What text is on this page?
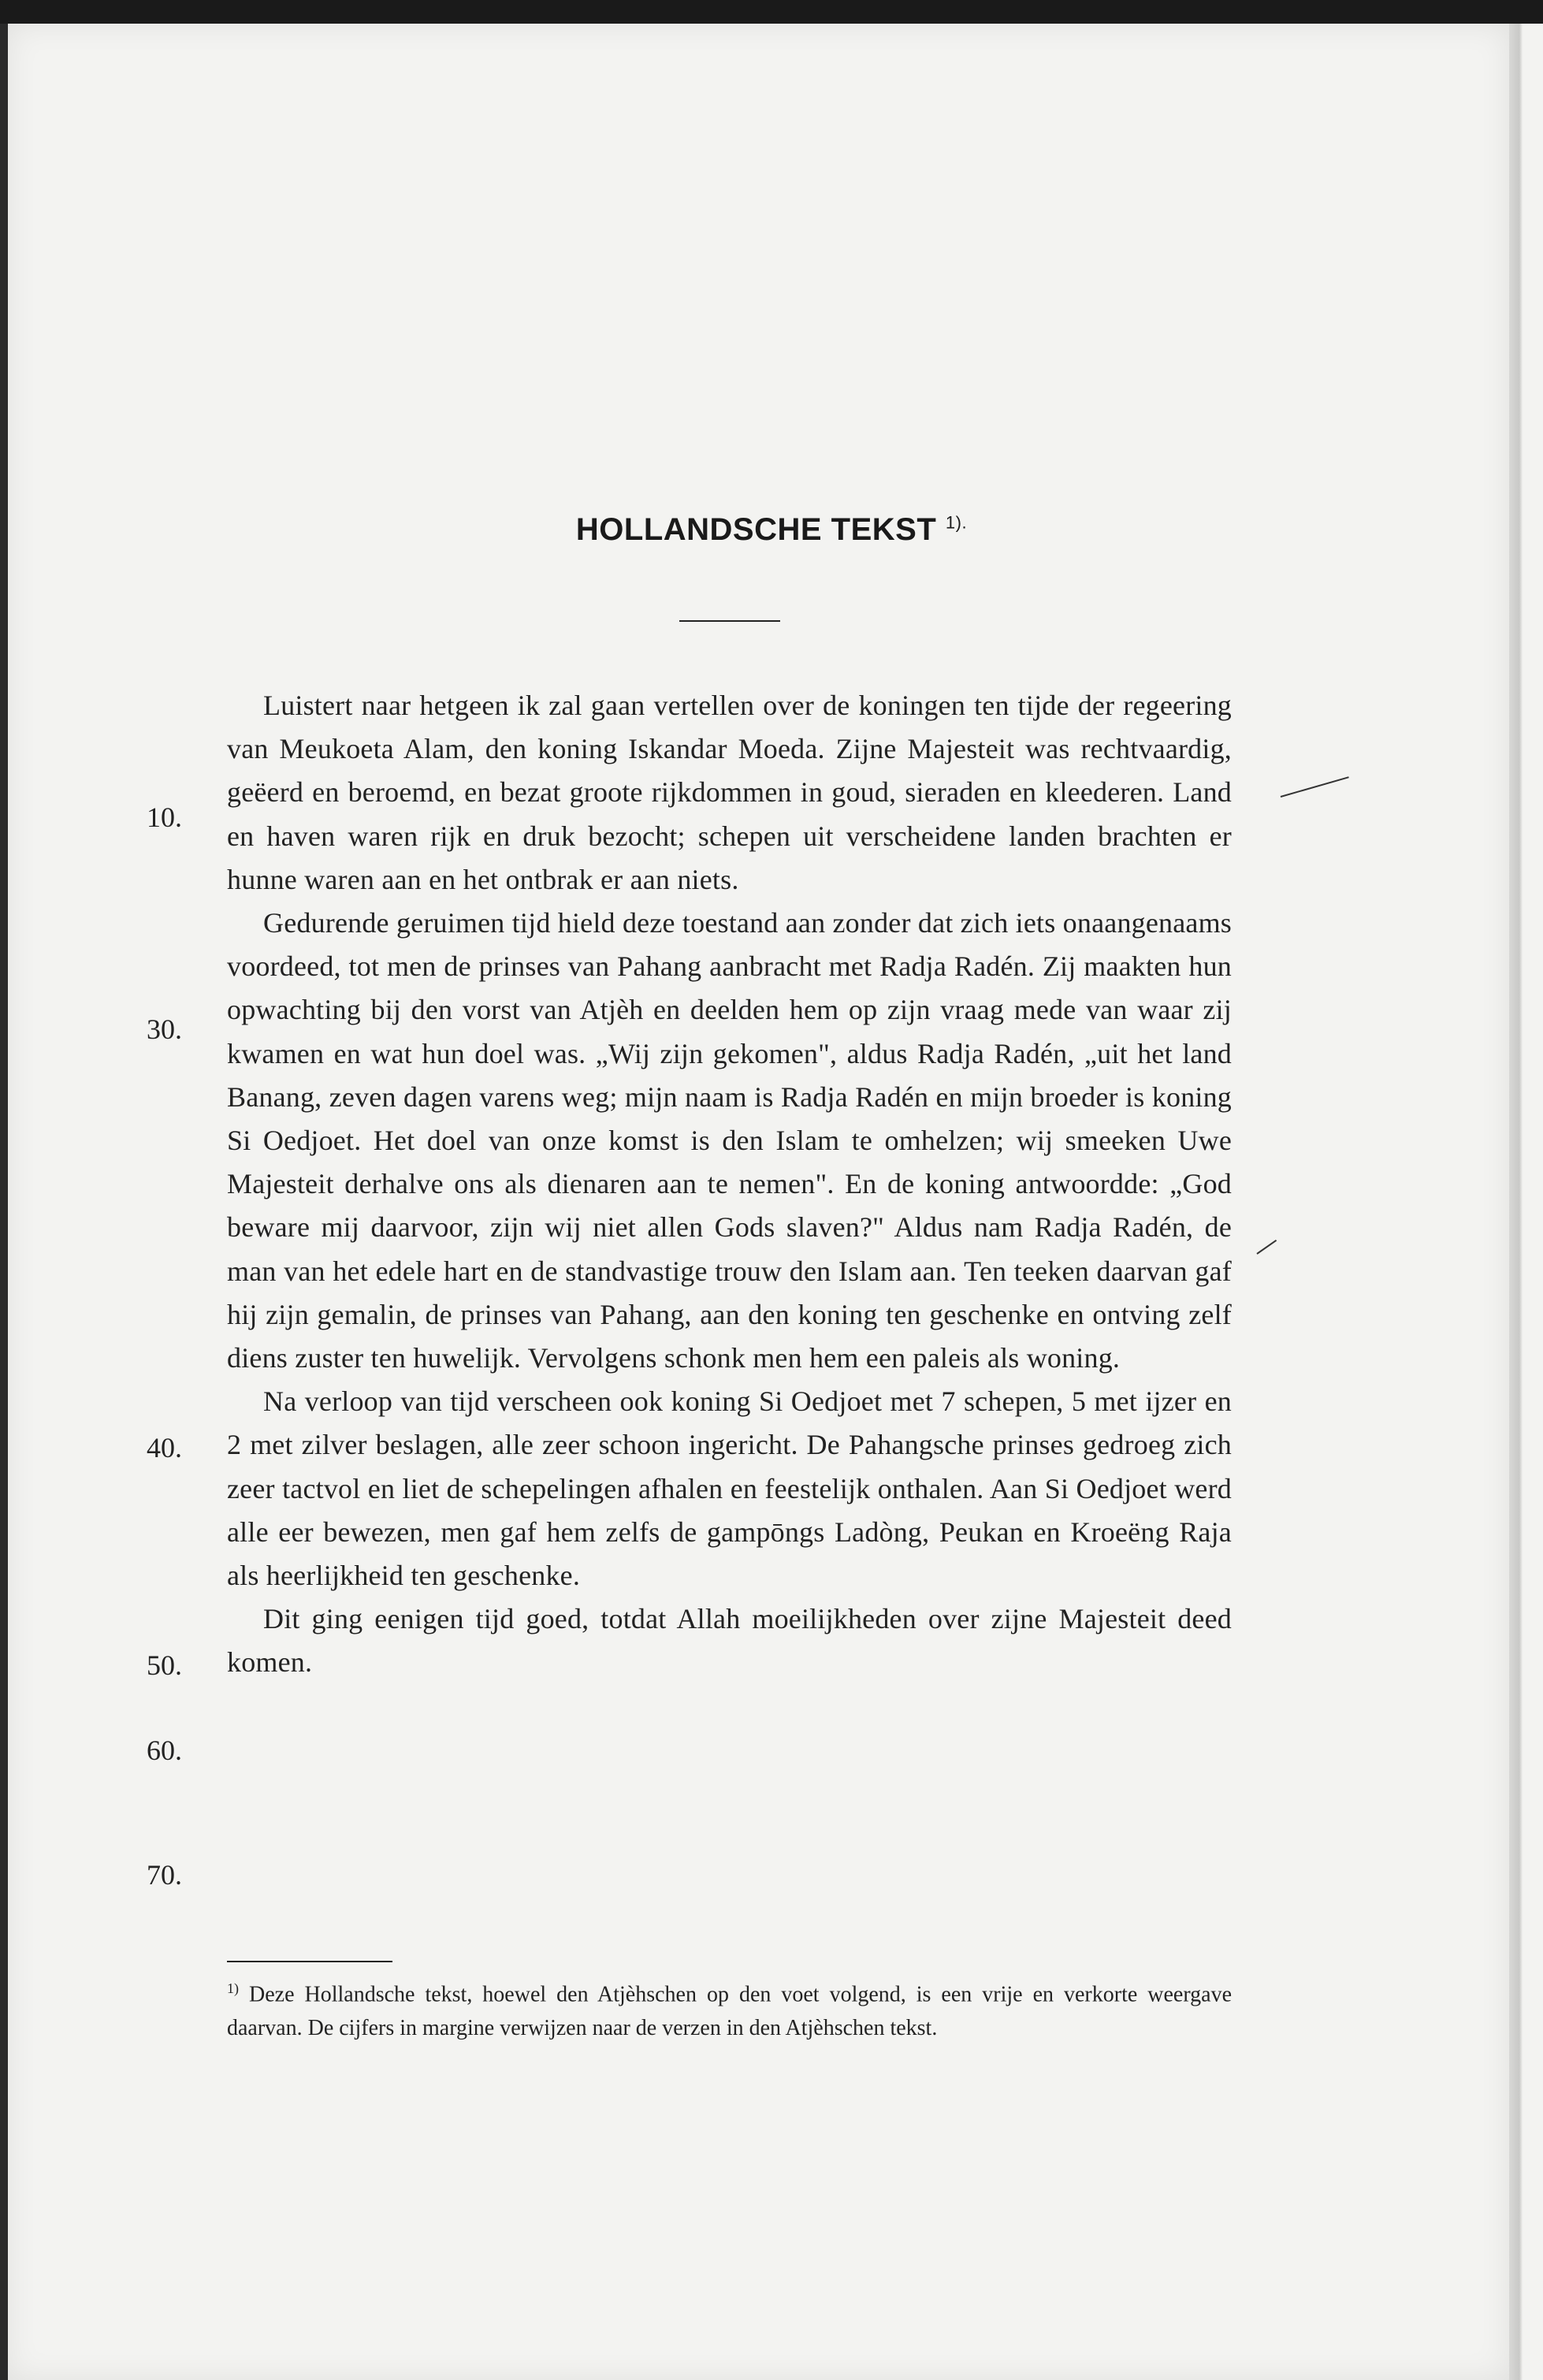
HOLLANDSCHE TEKST $^{1).}$

Luistert naar hetgeen ik zal gaan vertellen over de koningen ten tijde der regeering van Meukoeta Alam, den koning Iskandar Moeda. Zijne Majesteit was rechtvaardig, geëerd en beroemd, en bezat groote rijkdommen in goud, sieraden en kleederen. Land en haven waren rijk en druk bezocht; schepen uit verscheidene landen brachten er hunne waren aan en het ontbrak er aan niets.

Gedurende geruimen tijd hield deze toestand aan zonder dat zich iets onaangenaams voordeed, tot men de prinses van Pahang aanbracht met Radja Radén. Zij maakten hun opwachting bij den vorst van Atjèh en deelden hem op zijn vraag mede van waar zij kwamen en wat hun doel was. „Wij zijn gekomen", aldus Radja Radén, „uit het land Banang, zeven dagen varens weg; mijn naam is Radja Radén en mijn broeder is koning Si Oedjoet. Het doel van onze komst is den Islam te omhelzen; wij smeeken Uwe Majesteit derhalve ons als dienaren aan te nemen". En de koning antwoordde: „God beware mij daarvoor, zijn wij niet allen Gods slaven?" Aldus nam Radja Radén, de man van het edele hart en de standvastige trouw den Islam aan. Ten teeken daarvan gaf hij zijn gemalin, de prinses van Pahang, aan den koning ten geschenke en ontving zelf diens zuster ten huwelijk. Vervolgens schonk men hem een paleis als woning.

Na verloop van tijd verscheen ook koning Si Oedjoet met 7 schepen, 5 met ijzer en 2 met zilver beslagen, alle zeer schoon ingericht. De Pahangsche prinses gedroeg zich zeer tactvol en liet de schepelingen afhalen en feestelijk onthalen. Aan Si Oedjoet werd alle eer bewezen, men gaf hem zelfs de gampōngs Ladòng, Peukan en Kroeëng Raja als heerlijkheid ten geschenke.

Dit ging eenigen tijd goed, totdat Allah moeilijkheden over zijne Majesteit deed komen.

10.
30.
40.
50.
60.
70.
$^{1)}$ Deze Hollandsche tekst, hoewel den Atjèhschen op den voet volgend, is een vrije en verkorte weergave daarvan. De cijfers in margine verwijzen naar de verzen in den Atjèhschen tekst.
